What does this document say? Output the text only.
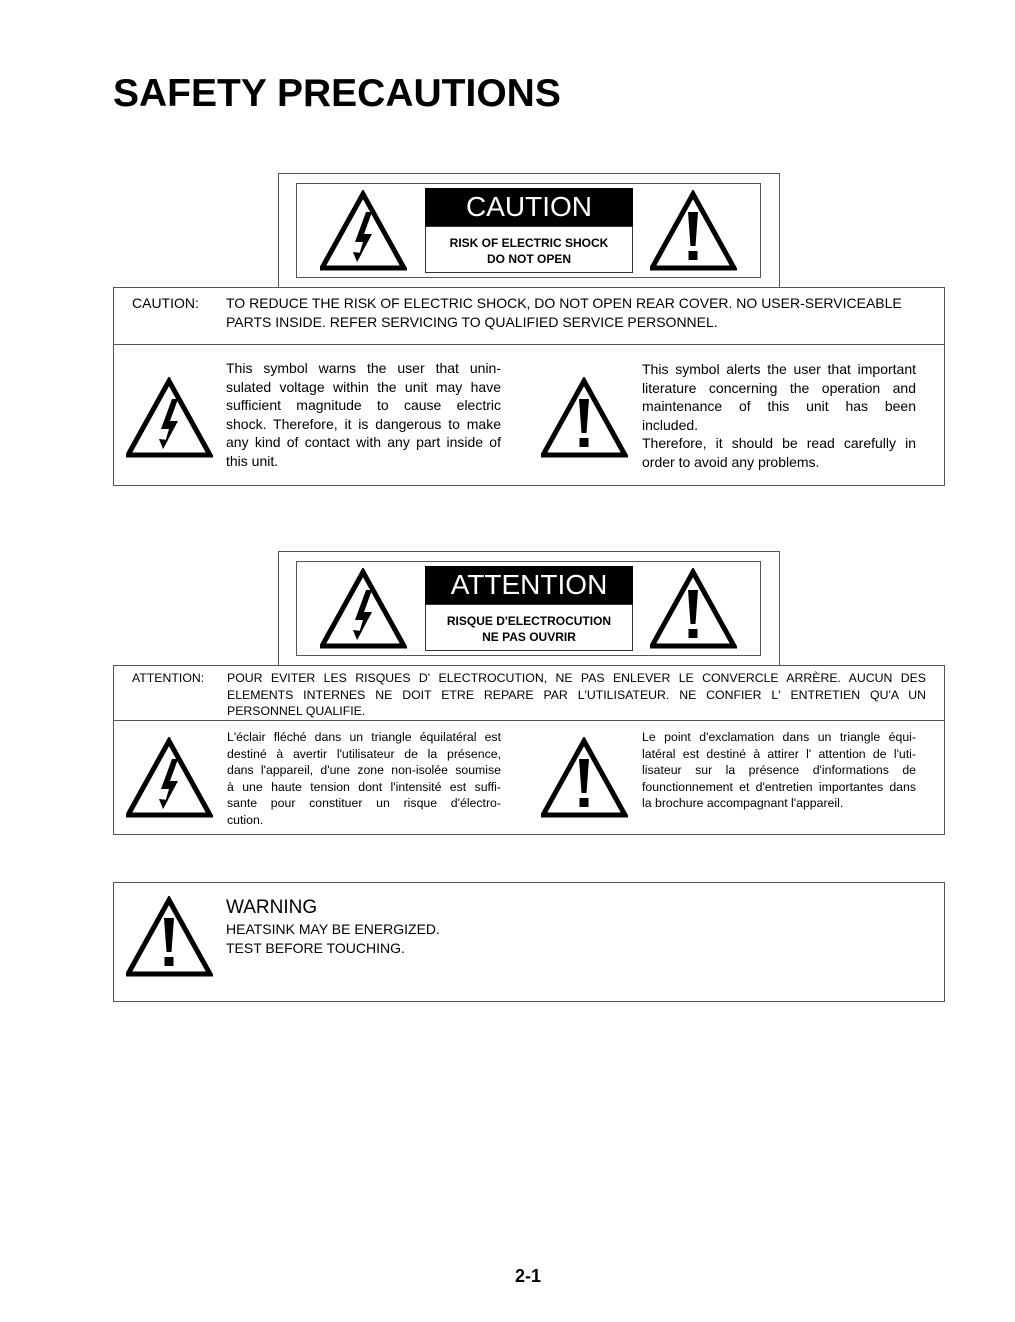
SAFETY PRECAUTIONS
CAUTION
RISK OF ELECTRIC SHOCK
DO NOT OPEN
CAUTION: TO REDUCE THE RISK OF ELECTRIC SHOCK, DO NOT OPEN REAR COVER. NO USER-SERVICEABLE
PARTS INSIDE. REFER SERVICING TO QUALIFIED SERVICE PERSONNEL.
This symbol warns the user that unin-
sulated voltage within the unit may have
sufficient magnitude to cause electric
shock. Therefore, it is dangerous to make
any kind of contact with any part inside of
this unit.
This symbol alerts the user that important
literature concerning the operation and
maintenance of this unit has been
included.
Therefore, it should be read carefully in
order to avoid any problems.
ATTENTION
RISQUE D'ELECTROCUTION
NE PAS OUVRIR
ATTENTION: POUR EVITER LES RISQUES D' ELECTROCUTION, NE PAS ENLEVER LE CONVERCLE ARRÈRE. AUCUN DES
ELEMENTS INTERNES NE DOIT ETRE REPARE PAR L'UTILISATEUR. NE CONFIER L' ENTRETIEN QU'A UN
PERSONNEL QUALIFIE.
L'éclair fléché dans un triangle équilatéral est
destiné à avertir l'utilisateur de la présence,
dans l'appareil, d'une zone non-isolée soumise
à une haute tension dont l'intensité est suffi-
sante pour constituer un risque d'électro-
cution.
Le point d'exclamation dans un triangle équi-
latéral est destiné à attirer l' attention de l'uti-
lisateur sur la présence d'informations de
founctionnement et d'entretien importantes dans
la brochure accompagnant l'appareil.
WARNING
HEATSINK MAY BE ENERGIZED.
TEST BEFORE TOUCHING.
2-1
